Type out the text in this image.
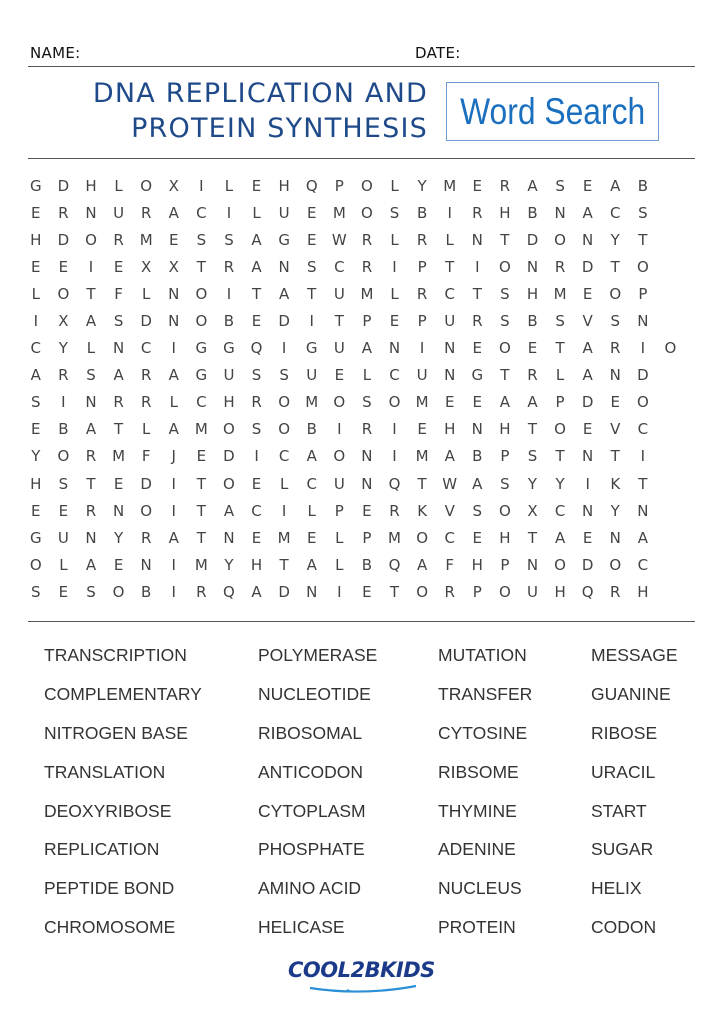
NAME:	DATE:
DNA REPLICATION AND
PROTEIN SYNTHESIS Word Search
G	D	H	L	O	X	I	L	E	H	Q	P	O	L	Y	M	E	R	A	S	E	A	B
E	R	N	U	R	A	C	I	L	U	E	M	O	S	B	I	R	H	B	N	A	C	S
H	D	O	R	M	E	S	S	A	G	E	W R	L	R	L	N	T	D	O	N	Y	T
E	E	I	E	X	X	T	R	A	N	S	C	R	I	P	T	I	O	N	R	D	T	O
L	O	T	F	L	N	O	I	T	A	T	U	M	L	R	C	T	S	H	M	E	O	P
I	X	A	S	D	N	O	B	E	D	I	T	P	E	P	U	R	S	B	S	V	S	N
C	Y	L	N	C	I	G	G	Q	I	G	U	A	N	I	N	E	O	E	T	A	R	I	O
A	R	S	A	R	A	G	U	S	S	U	E	L	C	U	N	G	T	R	L	A	N	D
S	I	N	R	R	L	C	H	R	O	M	O	S	O	M	E	E	A	A	P	D	E	O
E	B	A	T	L	A	M	O	S	O	B	I	R	I	E	H	N	H	T	O	E	V	C
Y	O	R	M	F	J	E	D	I	C	A	O	N	I	M	A	B	P	S	T	N	T	I
H	S	T	E	D	I	T	O	E	L	C	U	N	Q	T	W	A	S	Y	Y	I	K	T
E	E	R	N	O	I	T	A	C	I	L	P	E	R	K	V	S	O	X	C	N	Y	N
G	U	N	Y	R	A	T	N	E	M	E	L	P	M	O	C	E	H	T	A	E	N	A
O	L	A	E	N	I	M	Y	H	T	A	L	B	Q	A	F	H	P	N	O	D	O	C
S	E	S	O	B	I	R	Q	A	D	N	I	E	T	O	R	P	O	U	H	Q	R	H
TRANSCRIPTION	POLYMERASE	MUTATION	MESSAGE
COMPLEMENTARY	NUCLEOTIDE	TRANSFER	GUANINE
NITROGEN BASE	RIBOSOMAL	CYTOSINE	RIBOSE
TRANSLATION	ANTICODON	RIBSOME	URACIL
DEOXYRIBOSE	CYTOPLASM	THYMINE	START
REPLICATION	PHOSPHATE	ADENINE	SUGAR
PEPTIDE BOND	AMINO ACID	NUCLEUS	HELIX
CHROMOSOME	HELICASE	PROTEIN	CODON
COOL2BKIDS
